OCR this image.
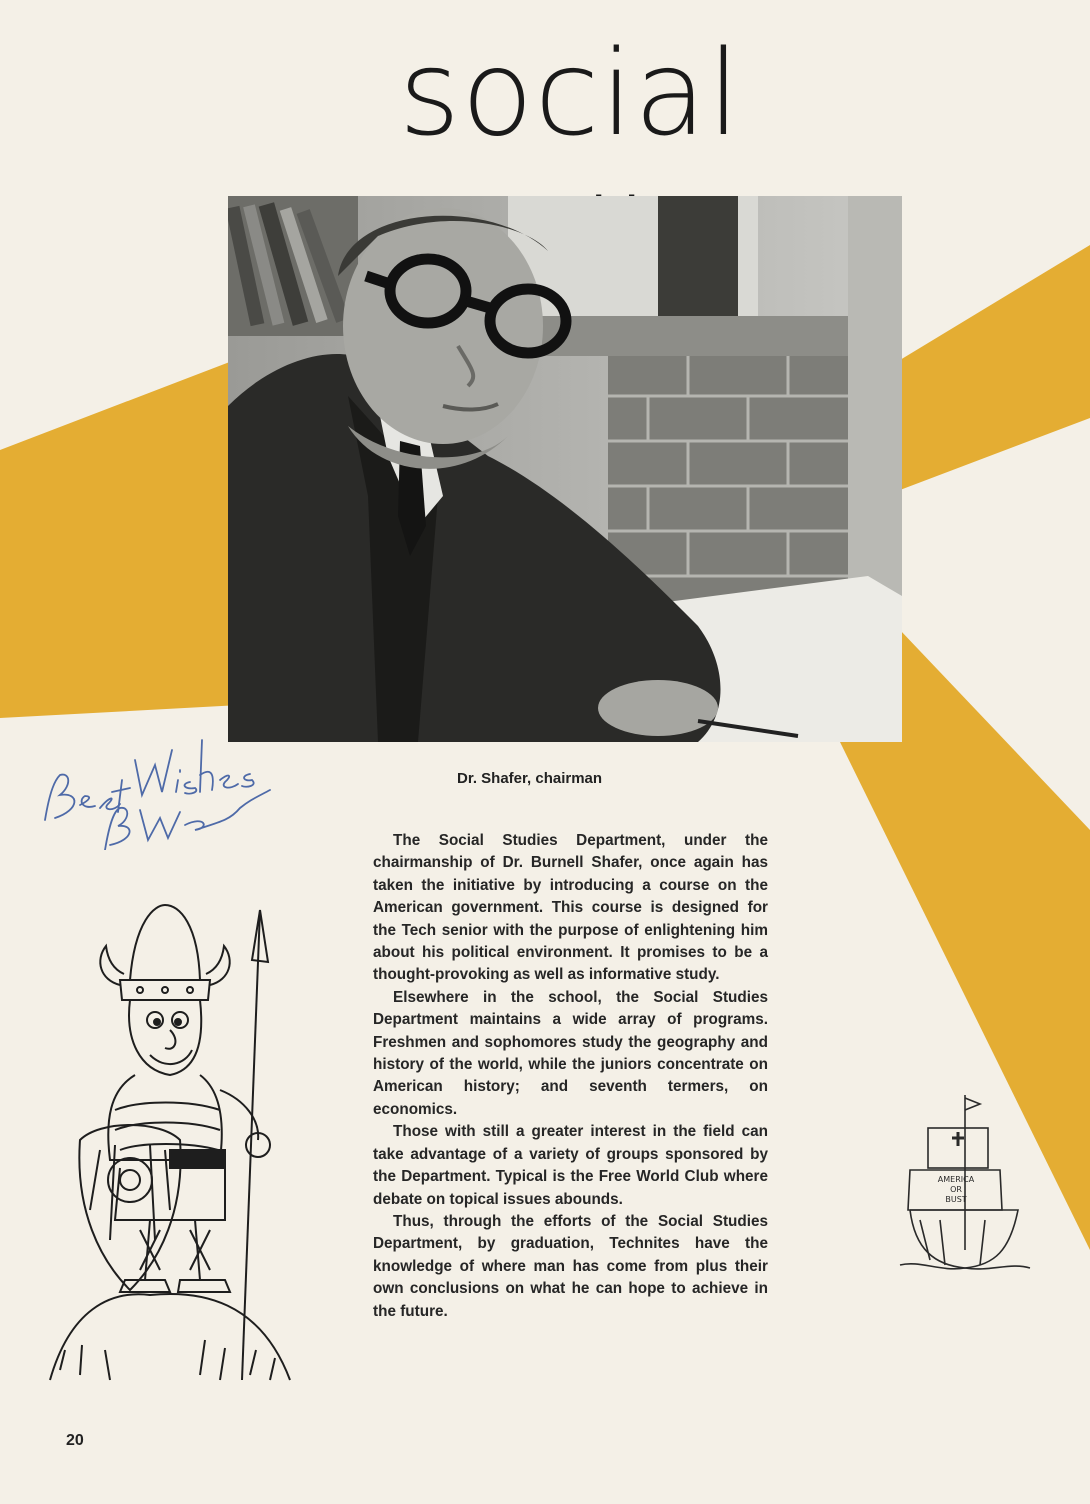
social
Dr. Shafer, chairman

The Social Studies Department, under the chairmanship of Dr. Burnell Shafer, once again has taken the initiative by introducing a course on the American government. This course is designed for the Tech senior with the purpose of enlightening him about his political environment. It promises to be a thought-provoking as well as informative study.

Elsewhere in the school, the Social Studies Department maintains a wide array of programs. Freshmen and sophomores study the geography and history of the world, while the juniors concentrate on American history; and seventh termers, on economics.

Those with still a greater interest in the field can take advantage of a variety of groups sponsored by the Department. Typical is the Free World Club where debate on topical issues abounds.

Thus, through the efforts of the Social Studies Department, by graduation, Technites have the knowledge of where man has come from plus their own conclusions on what he can hope to achieve in the future.

AMERICA
OR
BUST
20
